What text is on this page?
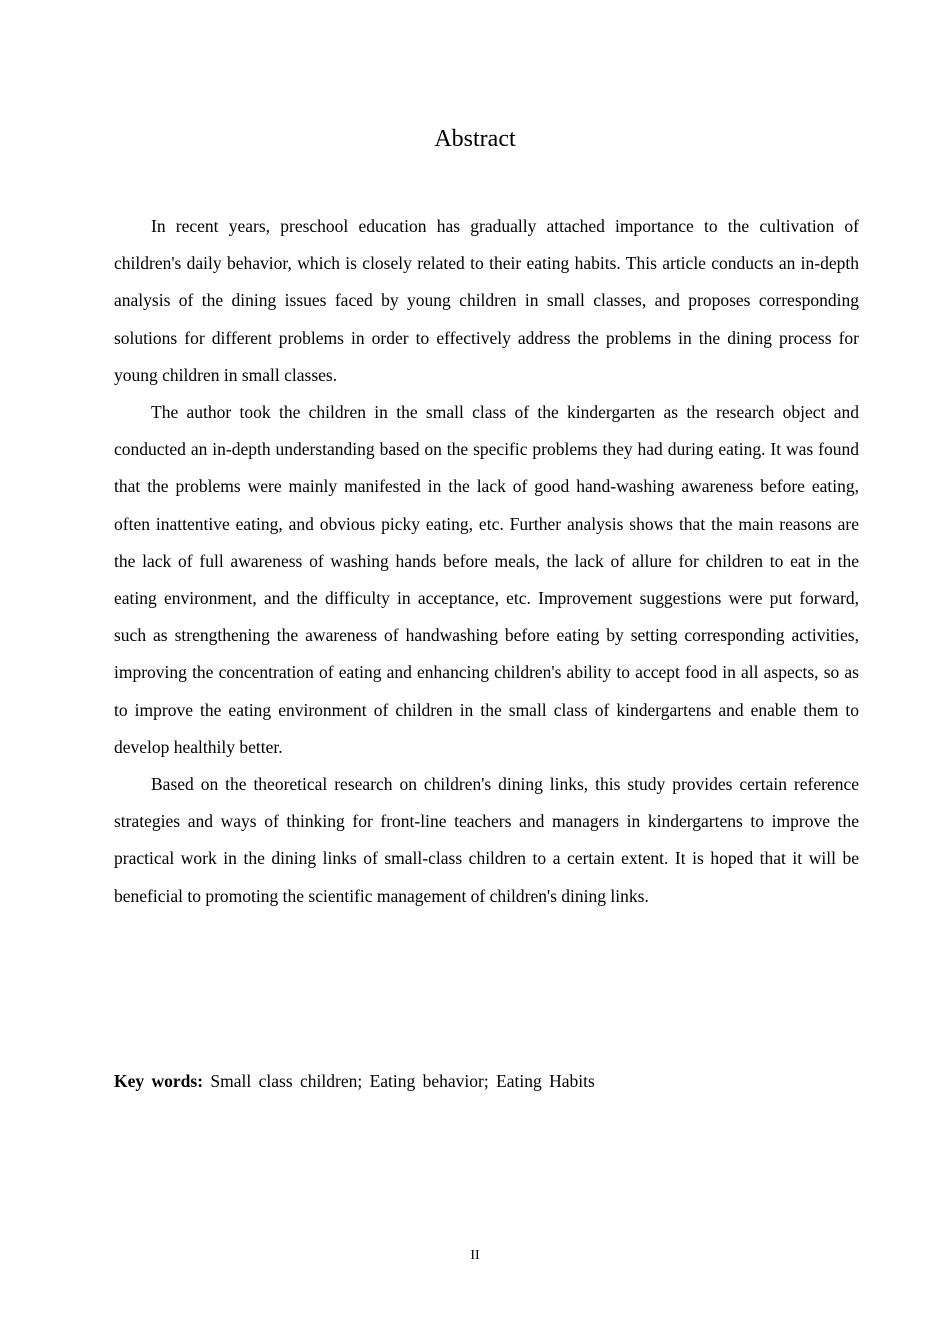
Abstract

In recent years, preschool education has gradually attached importance to the cultivation of children's daily behavior, which is closely related to their eating habits. This article conducts an in-depth analysis of the dining issues faced by young children in small classes, and proposes corresponding solutions for different problems in order to effectively address the problems in the dining process for young children in small classes.

The author took the children in the small class of the kindergarten as the research object and conducted an in-depth understanding based on the specific problems they had during eating. It was found that the problems were mainly manifested in the lack of good hand-washing awareness before eating, often inattentive eating, and obvious picky eating, etc. Further analysis shows that the main reasons are the lack of full awareness of washing hands before meals, the lack of allure for children to eat in the eating environment, and the difficulty in acceptance, etc. Improvement suggestions were put forward, such as strengthening the awareness of handwashing before eating by setting corresponding activities, improving the concentration of eating and enhancing children's ability to accept food in all aspects, so as to improve the eating environment of children in the small class of kindergartens and enable them to develop healthily better.

Based on the theoretical research on children's dining links, this study provides certain reference strategies and ways of thinking for front-line teachers and managers in kindergartens to improve the practical work in the dining links of small-class children to a certain extent. It is hoped that it will be beneficial to promoting the scientific management of children's dining links.

Key words: Small class children; Eating behavior; Eating Habits

II
